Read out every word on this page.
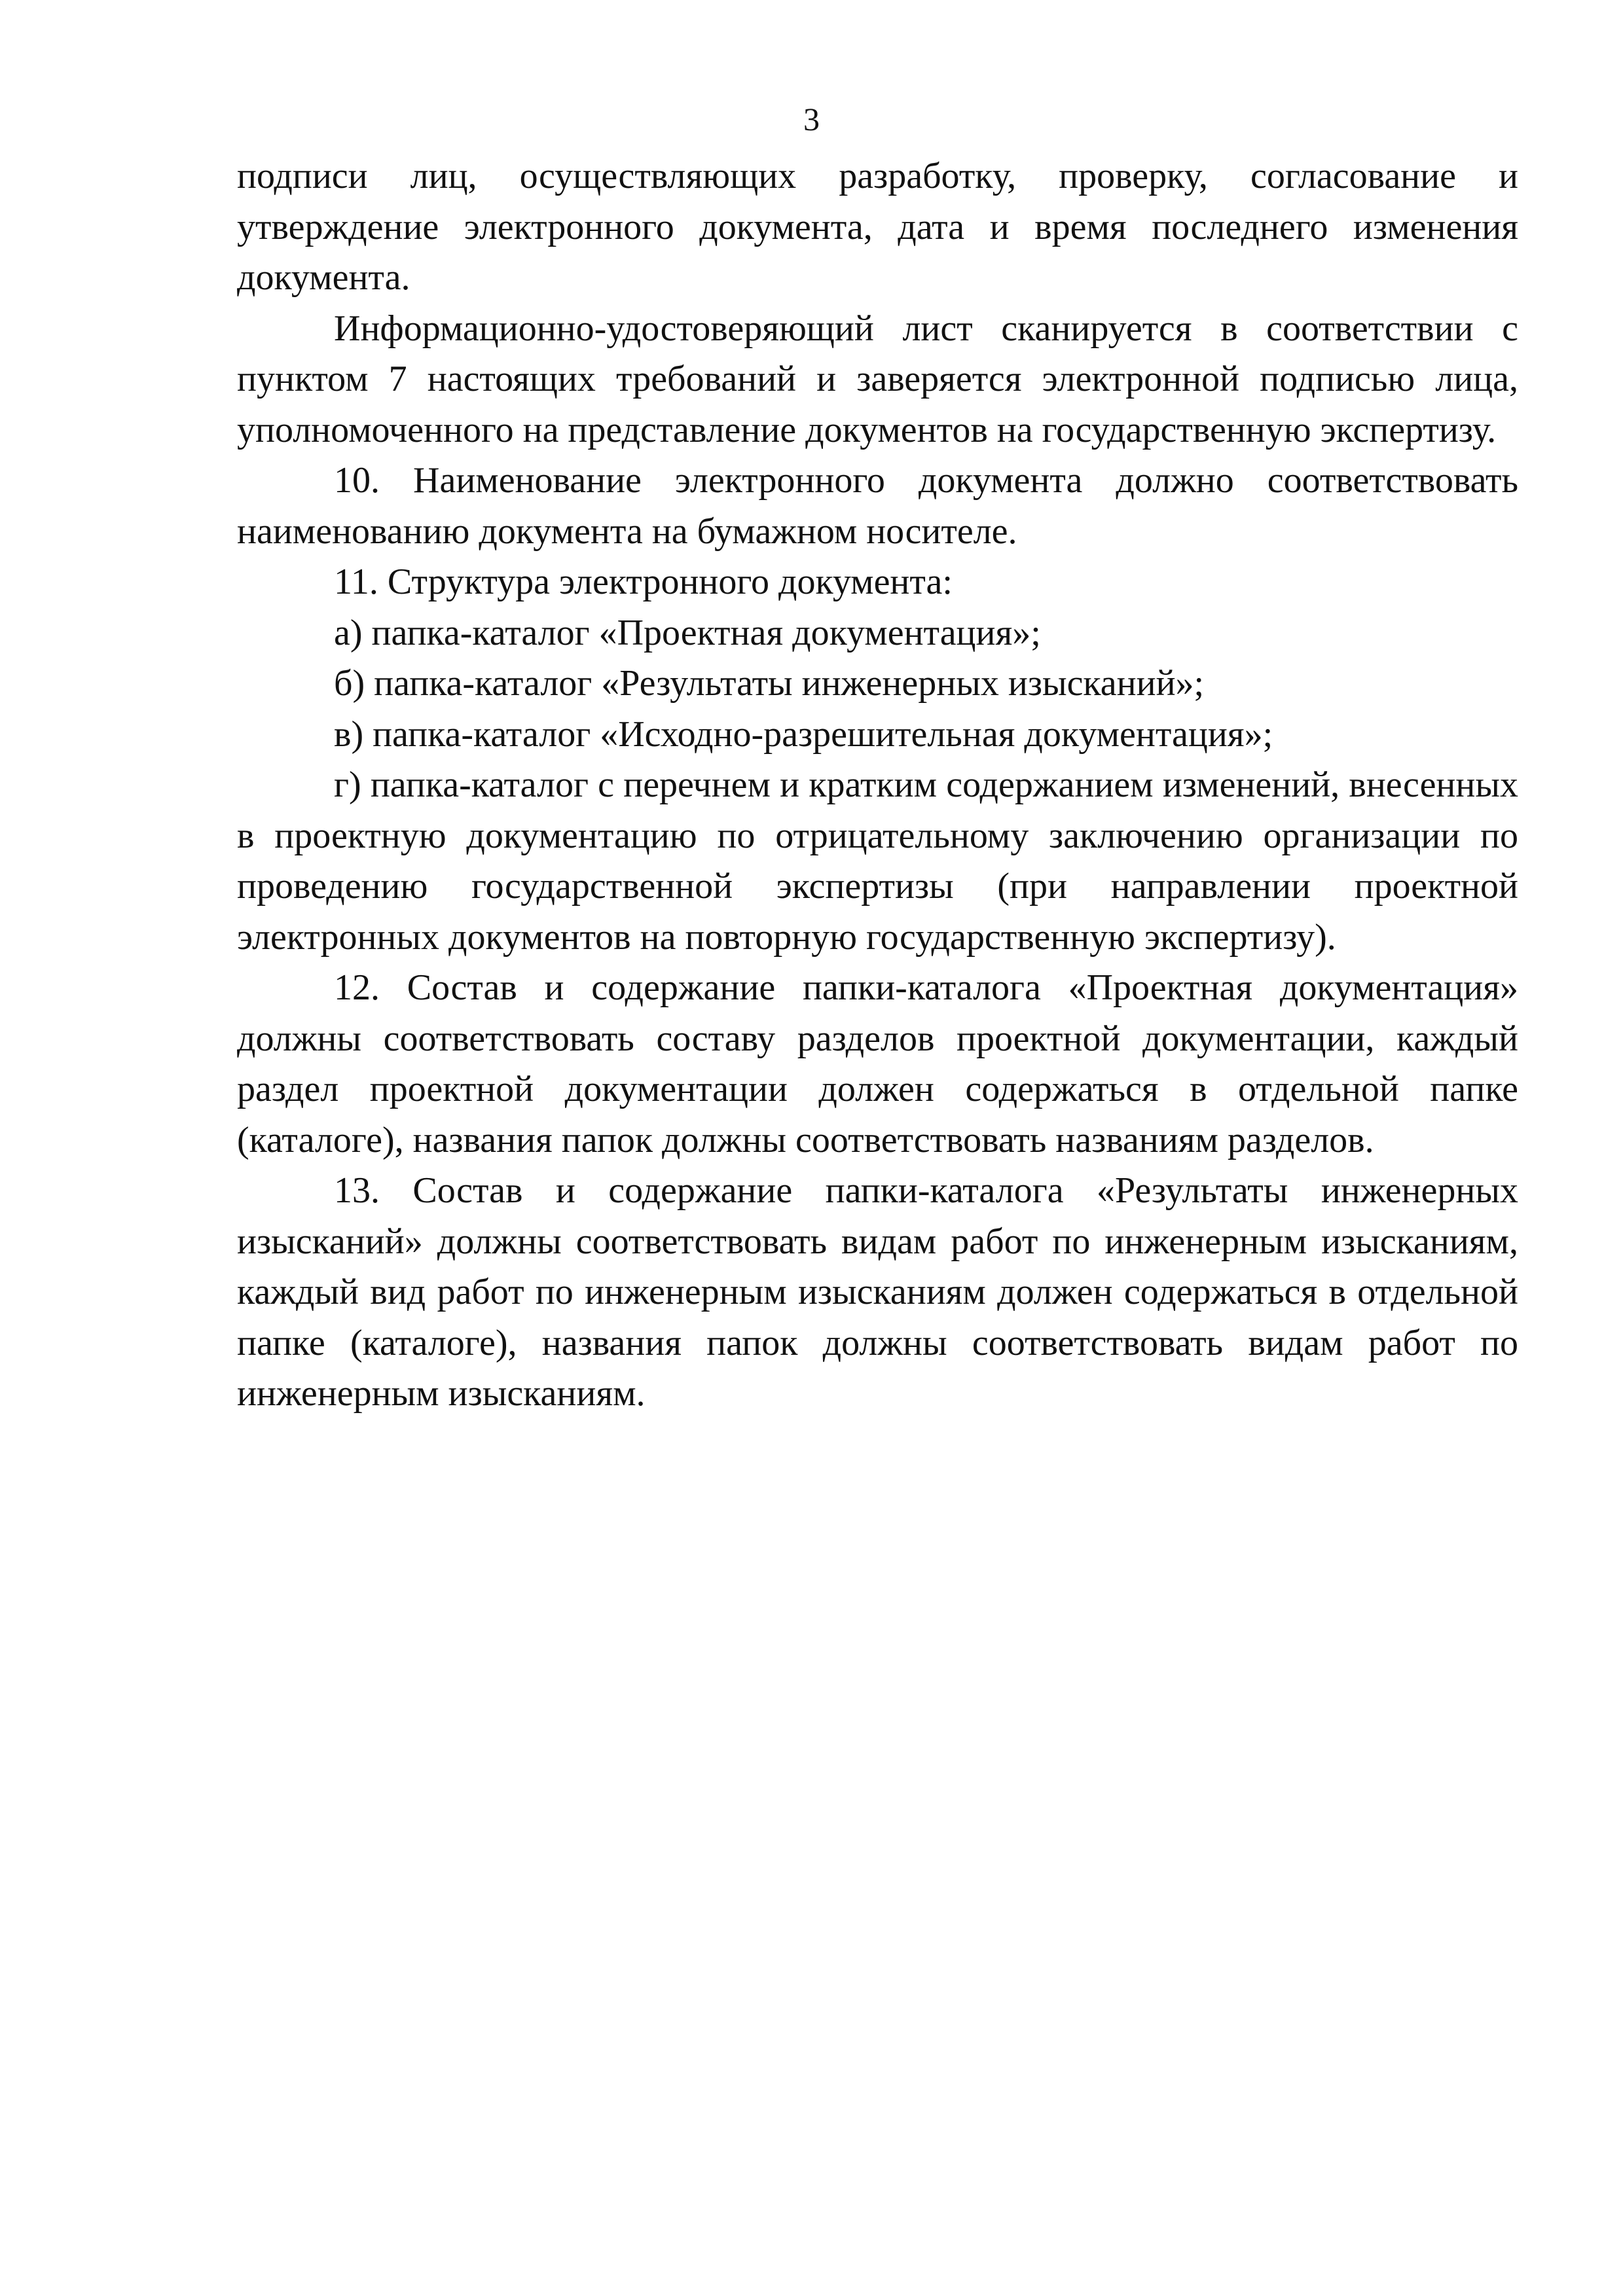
3

подписи лиц, осуществляющих разработку, проверку, согласование и утверждение электронного документа, дата и время последнего изменения документа.

Информационно-удостоверяющий лист сканируется в соответствии с пунктом 7 настоящих требований и заверяется электронной подписью лица, уполномоченного на представление документов на государственную экспертизу.

10. Наименование электронного документа должно соответствовать наименованию документа на бумажном носителе.

11. Структура электронного документа:

а) папка-каталог «Проектная документация»;

б) папка-каталог «Результаты инженерных изысканий»;

в) папка-каталог «Исходно-разрешительная документация»;

г) папка-каталог с перечнем и кратким содержанием изменений, внесенных в проектную документацию по отрицательному заключению организации по проведению государственной экспертизы (при направлении проектной электронных документов на повторную государственную экспертизу).

12. Состав и содержание папки-каталога «Проектная документация» должны соответствовать составу разделов проектной документации, каждый раздел проектной документации должен содержаться в отдельной папке (каталоге), названия папок должны соответствовать названиям разделов.

13. Состав и содержание папки-каталога «Результаты инженерных изысканий» должны соответствовать видам работ по инженерным изысканиям, каждый вид работ по инженерным изысканиям должен содержаться в отдельной папке (каталоге), названия папок должны соответствовать видам работ по инженерным изысканиям.
